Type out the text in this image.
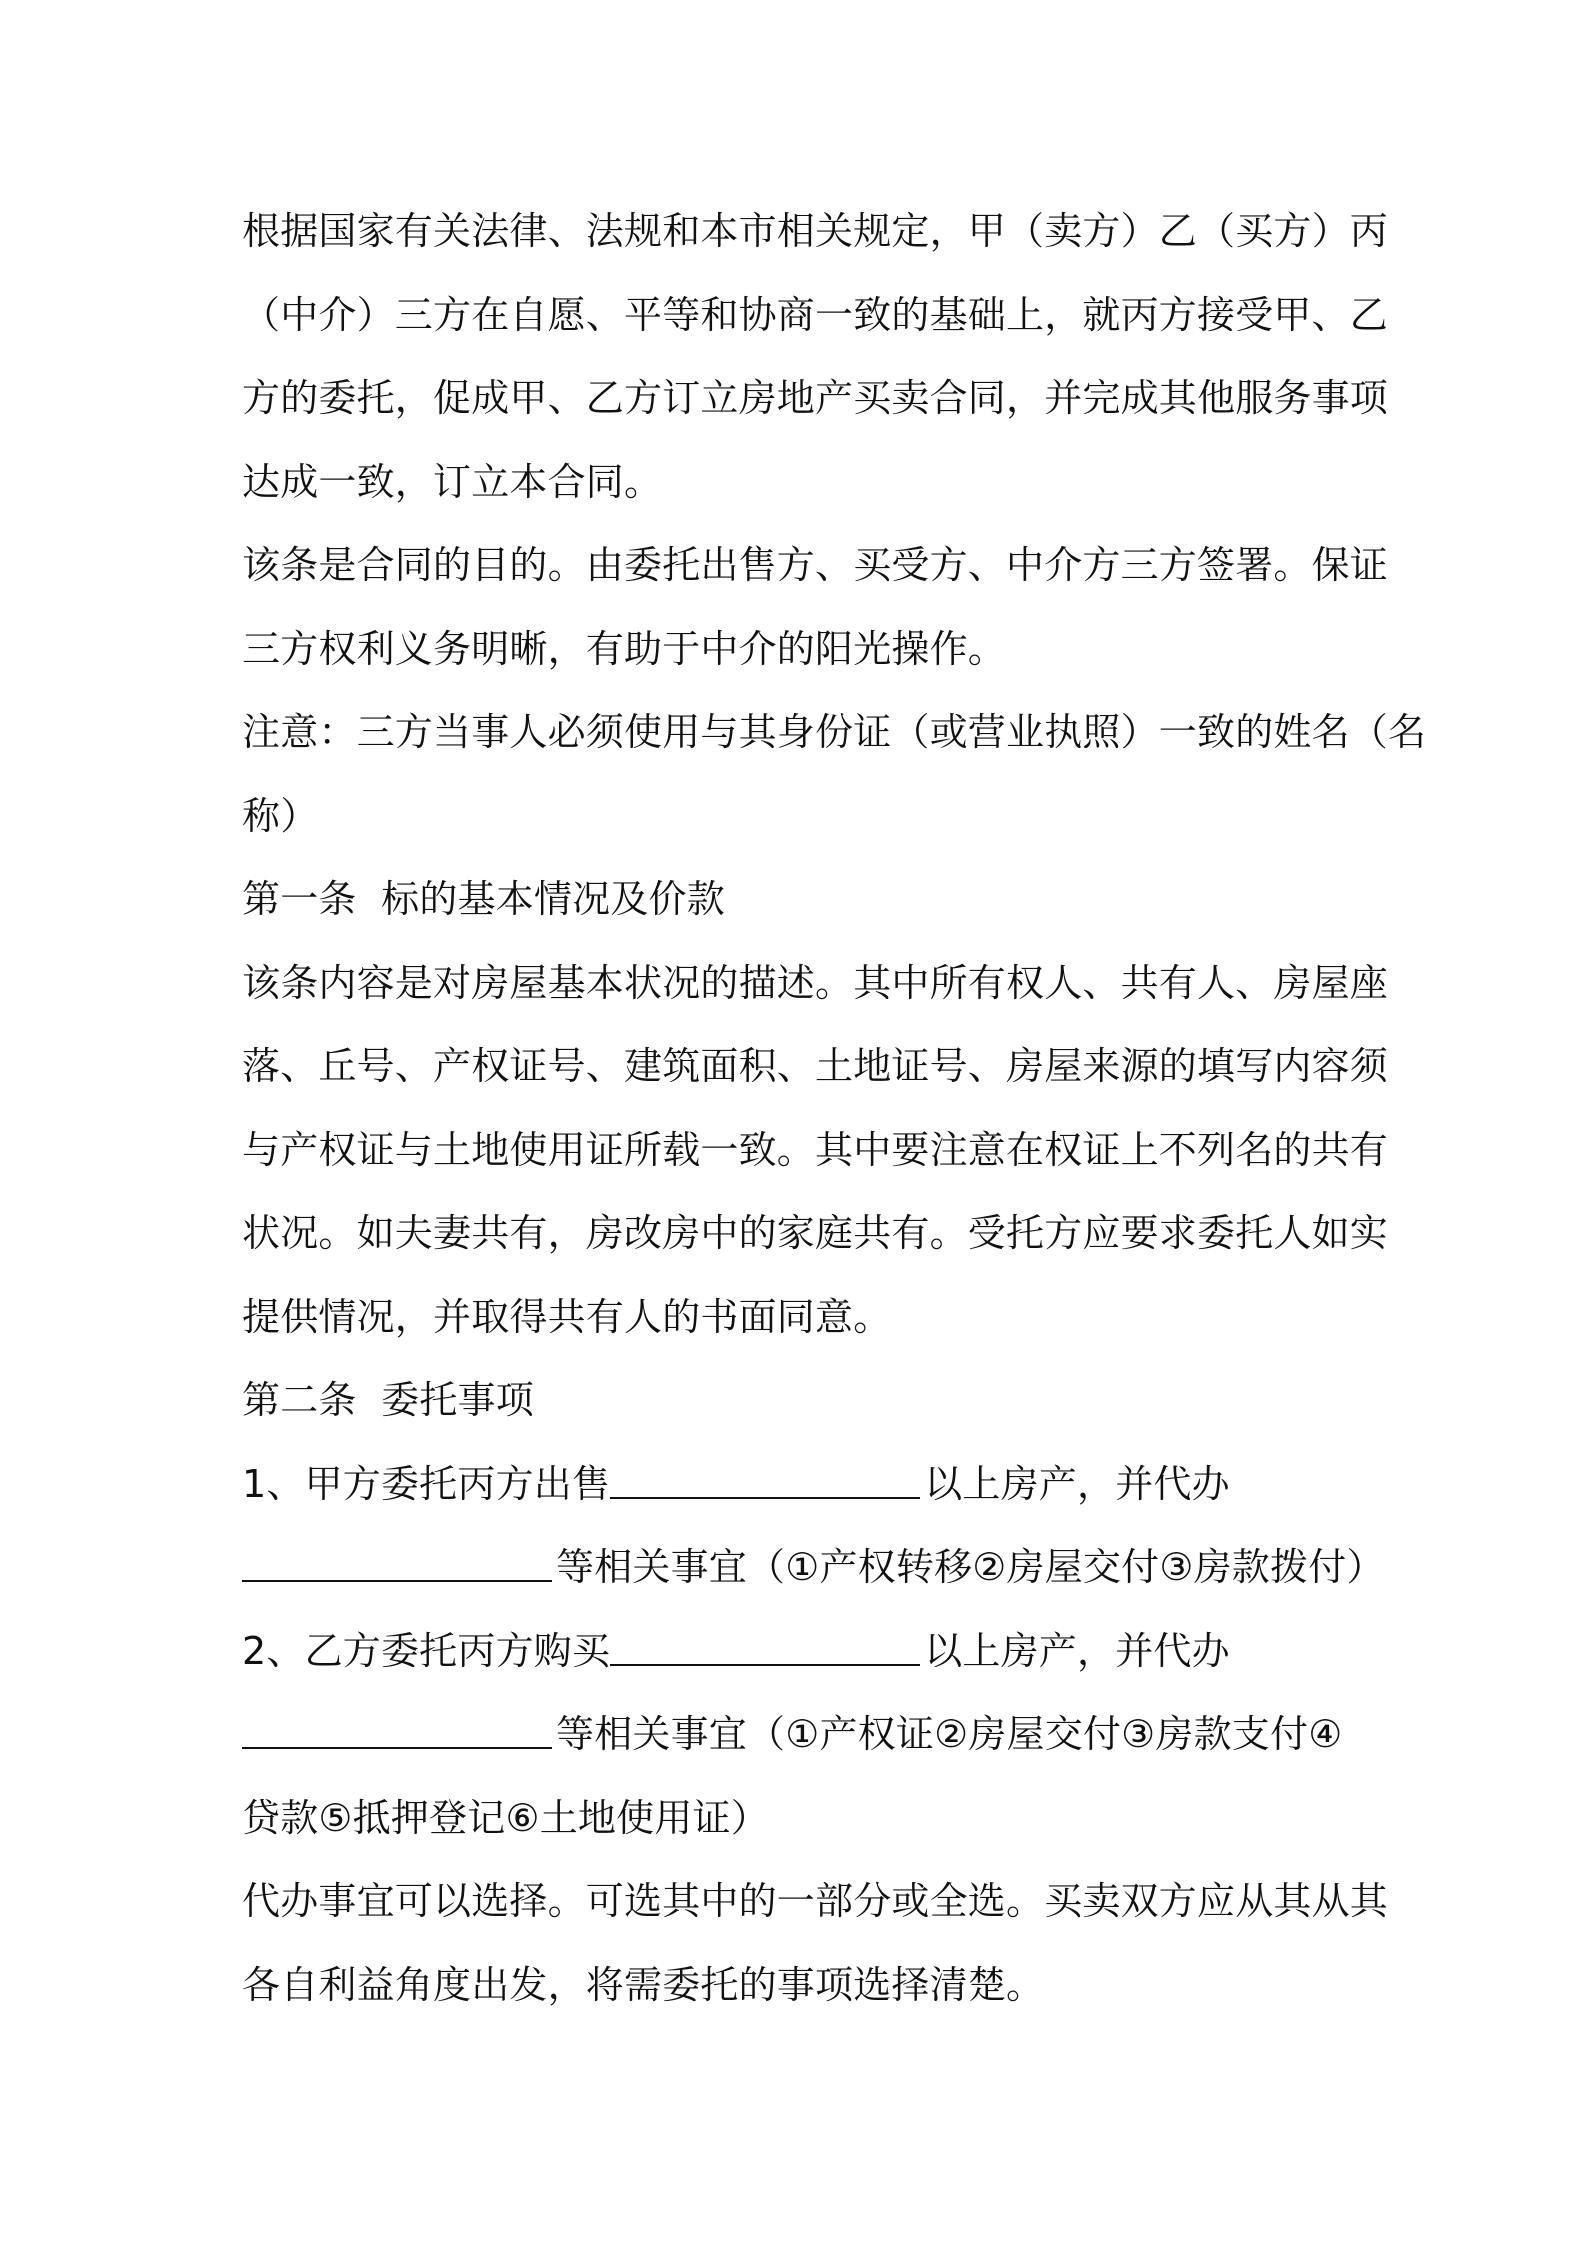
根据国家有关法律、法规和本市相关规定，甲（卖方）乙（买方）丙
（中介）三方在自愿、平等和协商一致的基础上，就丙方接受甲、乙
方的委托，促成甲、乙方订立房地产买卖合同，并完成其他服务事项
达成一致，订立本合同。
该条是合同的目的。由委托出售方、买受方、中介方三方签署。保证
三方权利义务明晰，有助于中介的阳光操作。
注意：三方当事人必须使用与其身份证（或营业执照）一致的姓名（名
称）
第一条  标的基本情况及价款
该条内容是对房屋基本状况的描述。其中所有权人、共有人、房屋座
落、丘号、产权证号、建筑面积、土地证号、房屋来源的填写内容须
与产权证与土地使用证所载一致。其中要注意在权证上不列名的共有
状况。如夫妻共有，房改房中的家庭共有。受托方应要求委托人如实
提供情况，并取得共有人的书面同意。
第二条  委托事项
1、甲方委托丙方出售	以上房产，并代办
等相关事宜（①产权转移②房屋交付③房款拨付）
2、乙方委托丙方购买	以上房产，并代办
等相关事宜（①产权证②房屋交付③房款支付④
贷款⑤抵押登记⑥土地使用证）
代办事宜可以选择。可选其中的一部分或全选。买卖双方应从其从其
各自利益角度出发，将需委托的事项选择清楚。
